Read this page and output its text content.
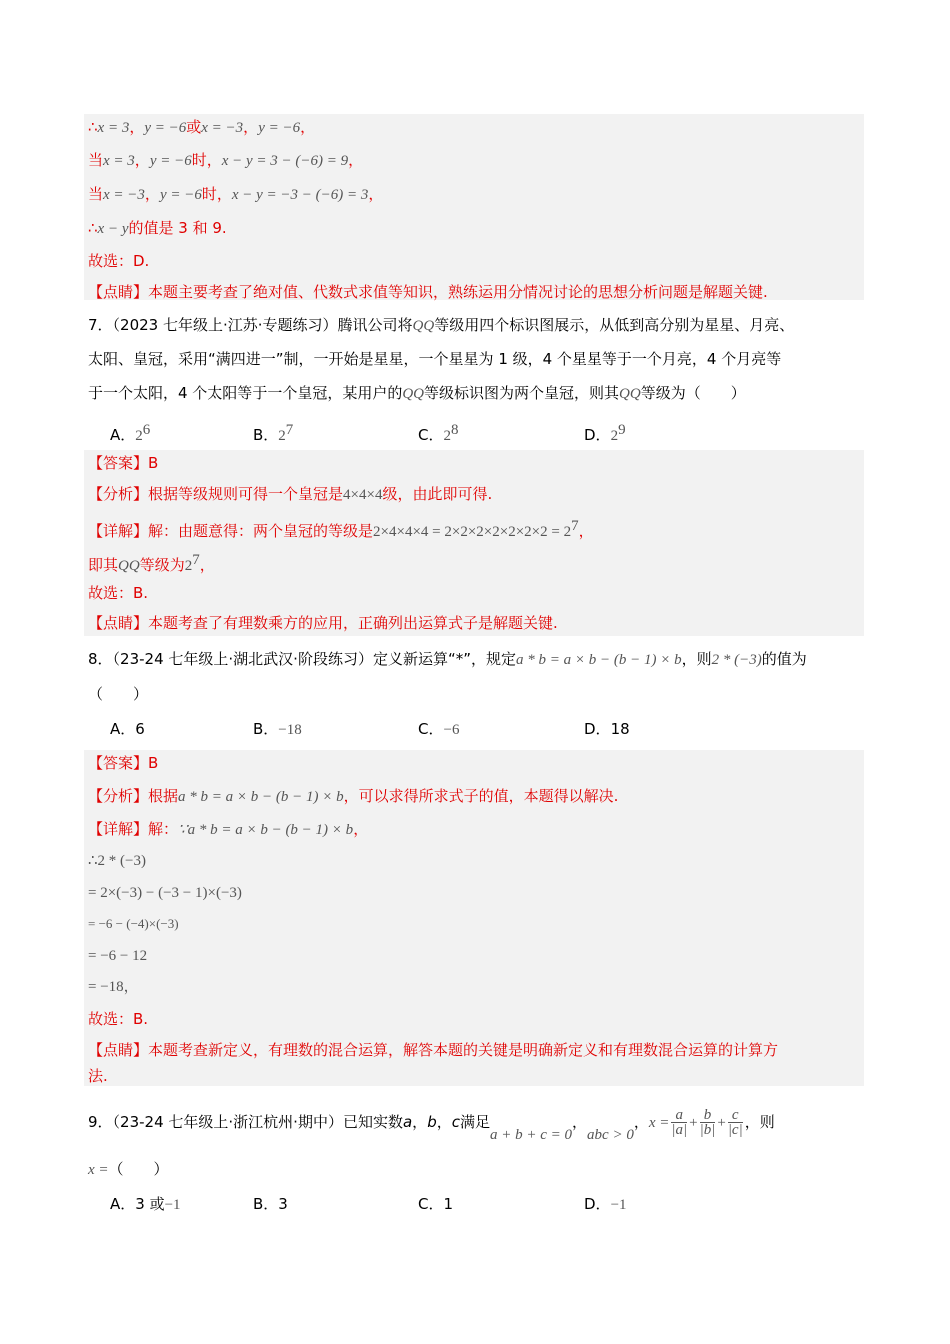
∴x = 3，y = −6或x = −3，y = −6，
当x = 3，y = −6时，x − y = 3 − (−6) = 9，
当x = −3，y = −6时，x − y = −3 − (−6) = 3，
∴x − y的值是 3 和 9.
故选：D.
【点睛】本题主要考查了绝对值、代数式求值等知识，熟练运用分情况讨论的思想分析问题是解题关键.
7．（2023 七年级上·江苏·专题练习）腾讯公司将QQ等级用四个标识图展示，从低到高分别为星星、月亮、
太阳、皇冠，采用“满四进一”制，一开始是星星，一个星星为 1 级，4 个星星等于一个月亮，4 个月亮等
于一个太阳，4 个太阳等于一个皇冠，某用户的QQ等级标识图为两个皇冠，则其QQ等级为（　　）
A．$2^6$	B．$2^7$	C．$2^8$	D．$2^9$
【答案】B
【分析】根据等级规则可得一个皇冠是4×4×4级，由此即可得.
【详解】解：由题意得：两个皇冠的等级是$2\times 4\times 4\times 4 = 2\times 2\times 2\times 2\times 2\times 2\times 2 = 2^7$，
即其QQ等级为$2^7$，
故选：B.
【点睛】本题考查了有理数乘方的应用，正确列出运算式子是解题关键.
8．（23-24 七年级上·湖北武汉·阶段练习）定义新运算“*”，规定a * b = a × b − (b − 1) × b，则2 * (−3)的值为
（　　）
A．6	B．−18	C．−6	D．18
【答案】B
【分析】根据a * b = a × b − (b − 1) × b，可以求得所求式子的值，本题得以解决.
【详解】解：∵a * b = a × b − (b − 1) × b，
∴2 * (−3)
= 2×(−3) − (−3 − 1)×(−3)
= −6 − (−4)×(−3)
= −6 − 12
= −18，
故选：B.
【点睛】本题考查新定义，有理数的混合运算，解答本题的关键是明确新定义和有理数混合运算的计算方
法.
9．（23-24 七年级上·浙江杭州·期中）已知实数a，b，c满足a + b + c = 0，abc > 0，$x = \frac{a}{|a|} + \frac{b}{|b|} + \frac{c}{|c|}$ ，则
x =（　　）
A．3 或−1	B．3	C．1	D．−1
